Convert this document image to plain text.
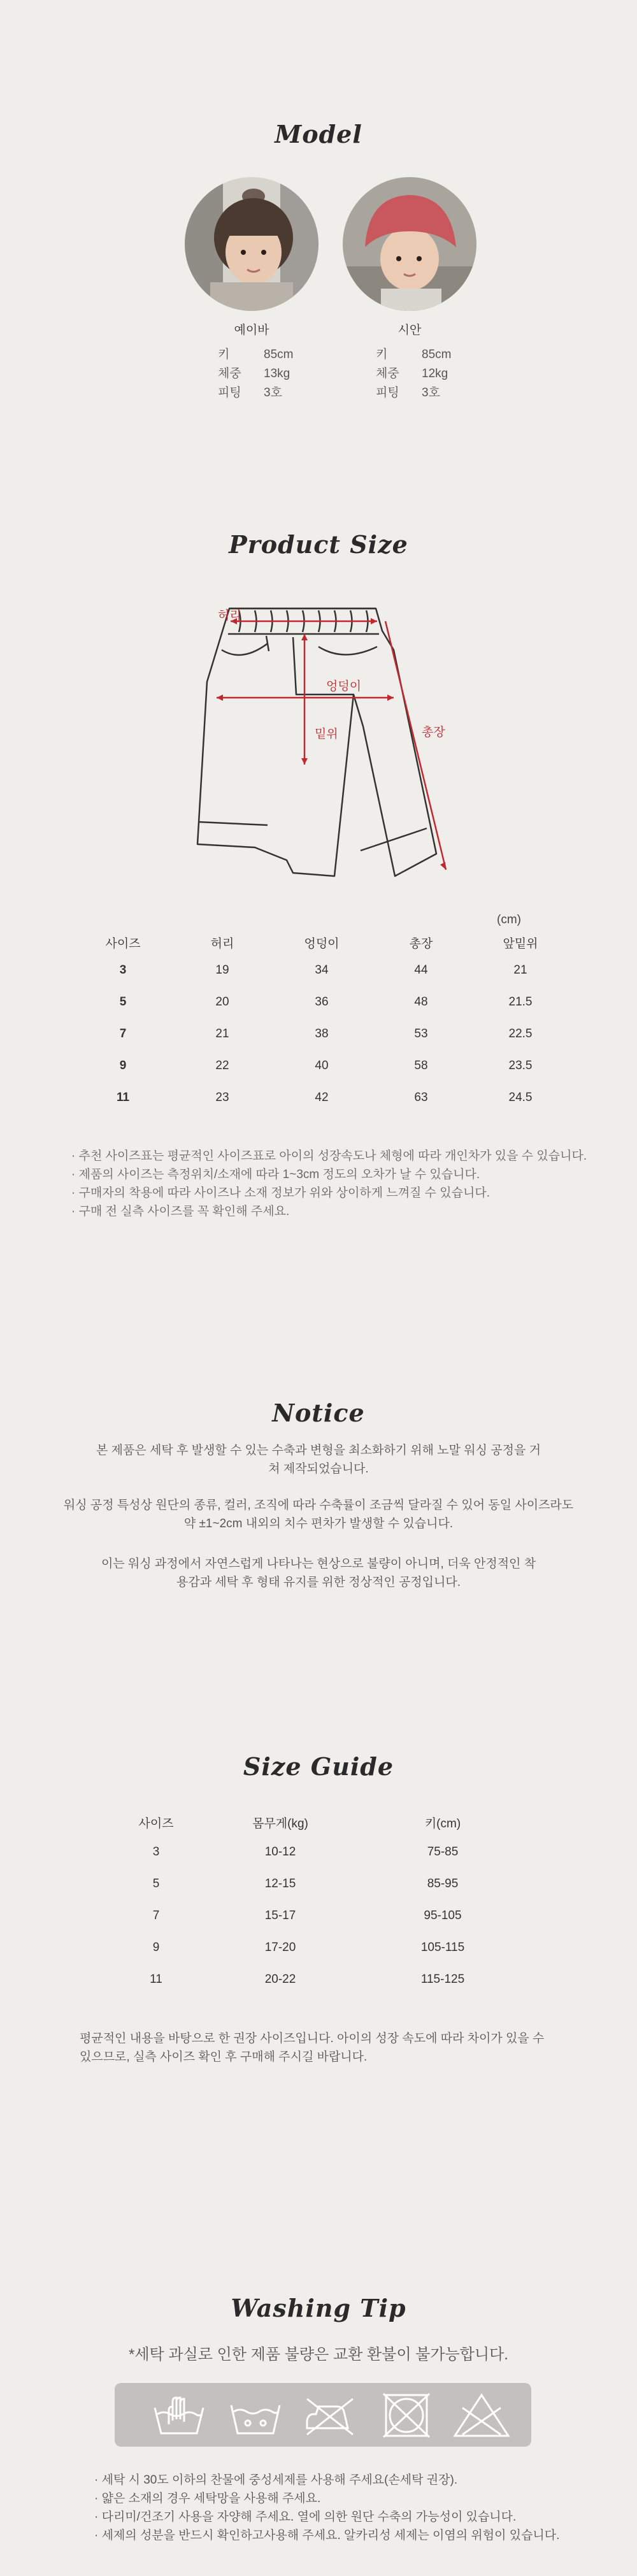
Model
예이바
키	85cm
체중 13kg
피팅 3호
시안
키	85cm
체중 12kg
피팅 3호
Product Size
허리
엉덩이
밑위	총장
(cm)
사이즈	허리	엉덩이	총장	앞밑위
3	19	34	44	21
5	20	36	48	21.5
7	21	38	53	22.5
9	22	40	58	23.5
11	23	42	63	24.5
· 추천 사이즈표는 평균적인 사이즈표로 아이의 성장속도나 체형에 따라 개인차가 있을 수 있습니다.
· 제품의 사이즈는 측정위치/소재에 따라 1~3cm 정도의 오차가 날 수 있습니다.
· 구매자의 착용에 따라 사이즈나 소재 정보가 위와 상이하게 느껴질 수 있습니다.
· 구매 전 실측 사이즈를 꼭 확인해 주세요.
Notice
본 제품은 세탁 후 발생할 수 있는 수축과 변형을 최소화하기 위해 노말 워싱 공정을 거쳐 제작되었습니다.
워싱 공정 특성상 원단의 종류, 컬러, 조직에 따라 수축률이 조금씩 달라질 수 있어 동일 사이즈라도 약 ±1~2cm 내외의 치수 편차가 발생할 수 있습니다.
이는 워싱 과정에서 자연스럽게 나타나는 현상으로 불량이 아니며, 더욱 안정적인 착용감과 세탁 후 형태 유지를 위한 정상적인 공정입니다.
Size Guide
사이즈	몸무게(kg)	키(cm)
3	10-12	75-85
5	12-15	85-95
7	15-17	95-105
9	17-20	105-115
11	20-22	115-125
평균적인 내용을 바탕으로 한 권장 사이즈입니다. 아이의 성장 속도에 따라 차이가 있을 수 있으므로, 실측 사이즈 확인 후 구매해 주시길 바랍니다.
Washing Tip
*세탁 과실로 인한 제품 불량은 교환 환불이 불가능합니다.
· 세탁 시 30도 이하의 찬물에 중성세제를 사용해 주세요(손세탁 권장).
· 얇은 소재의 경우 세탁망을 사용해 주세요.
· 다리미/건조기 사용을 자양해 주세요. 열에 의한 원단 수축의 가능성이 있습니다.
· 세제의 성분을 반드시 확인하고사용해 주세요. 알카리성 세제는 이염의 위험이 있습니다.
